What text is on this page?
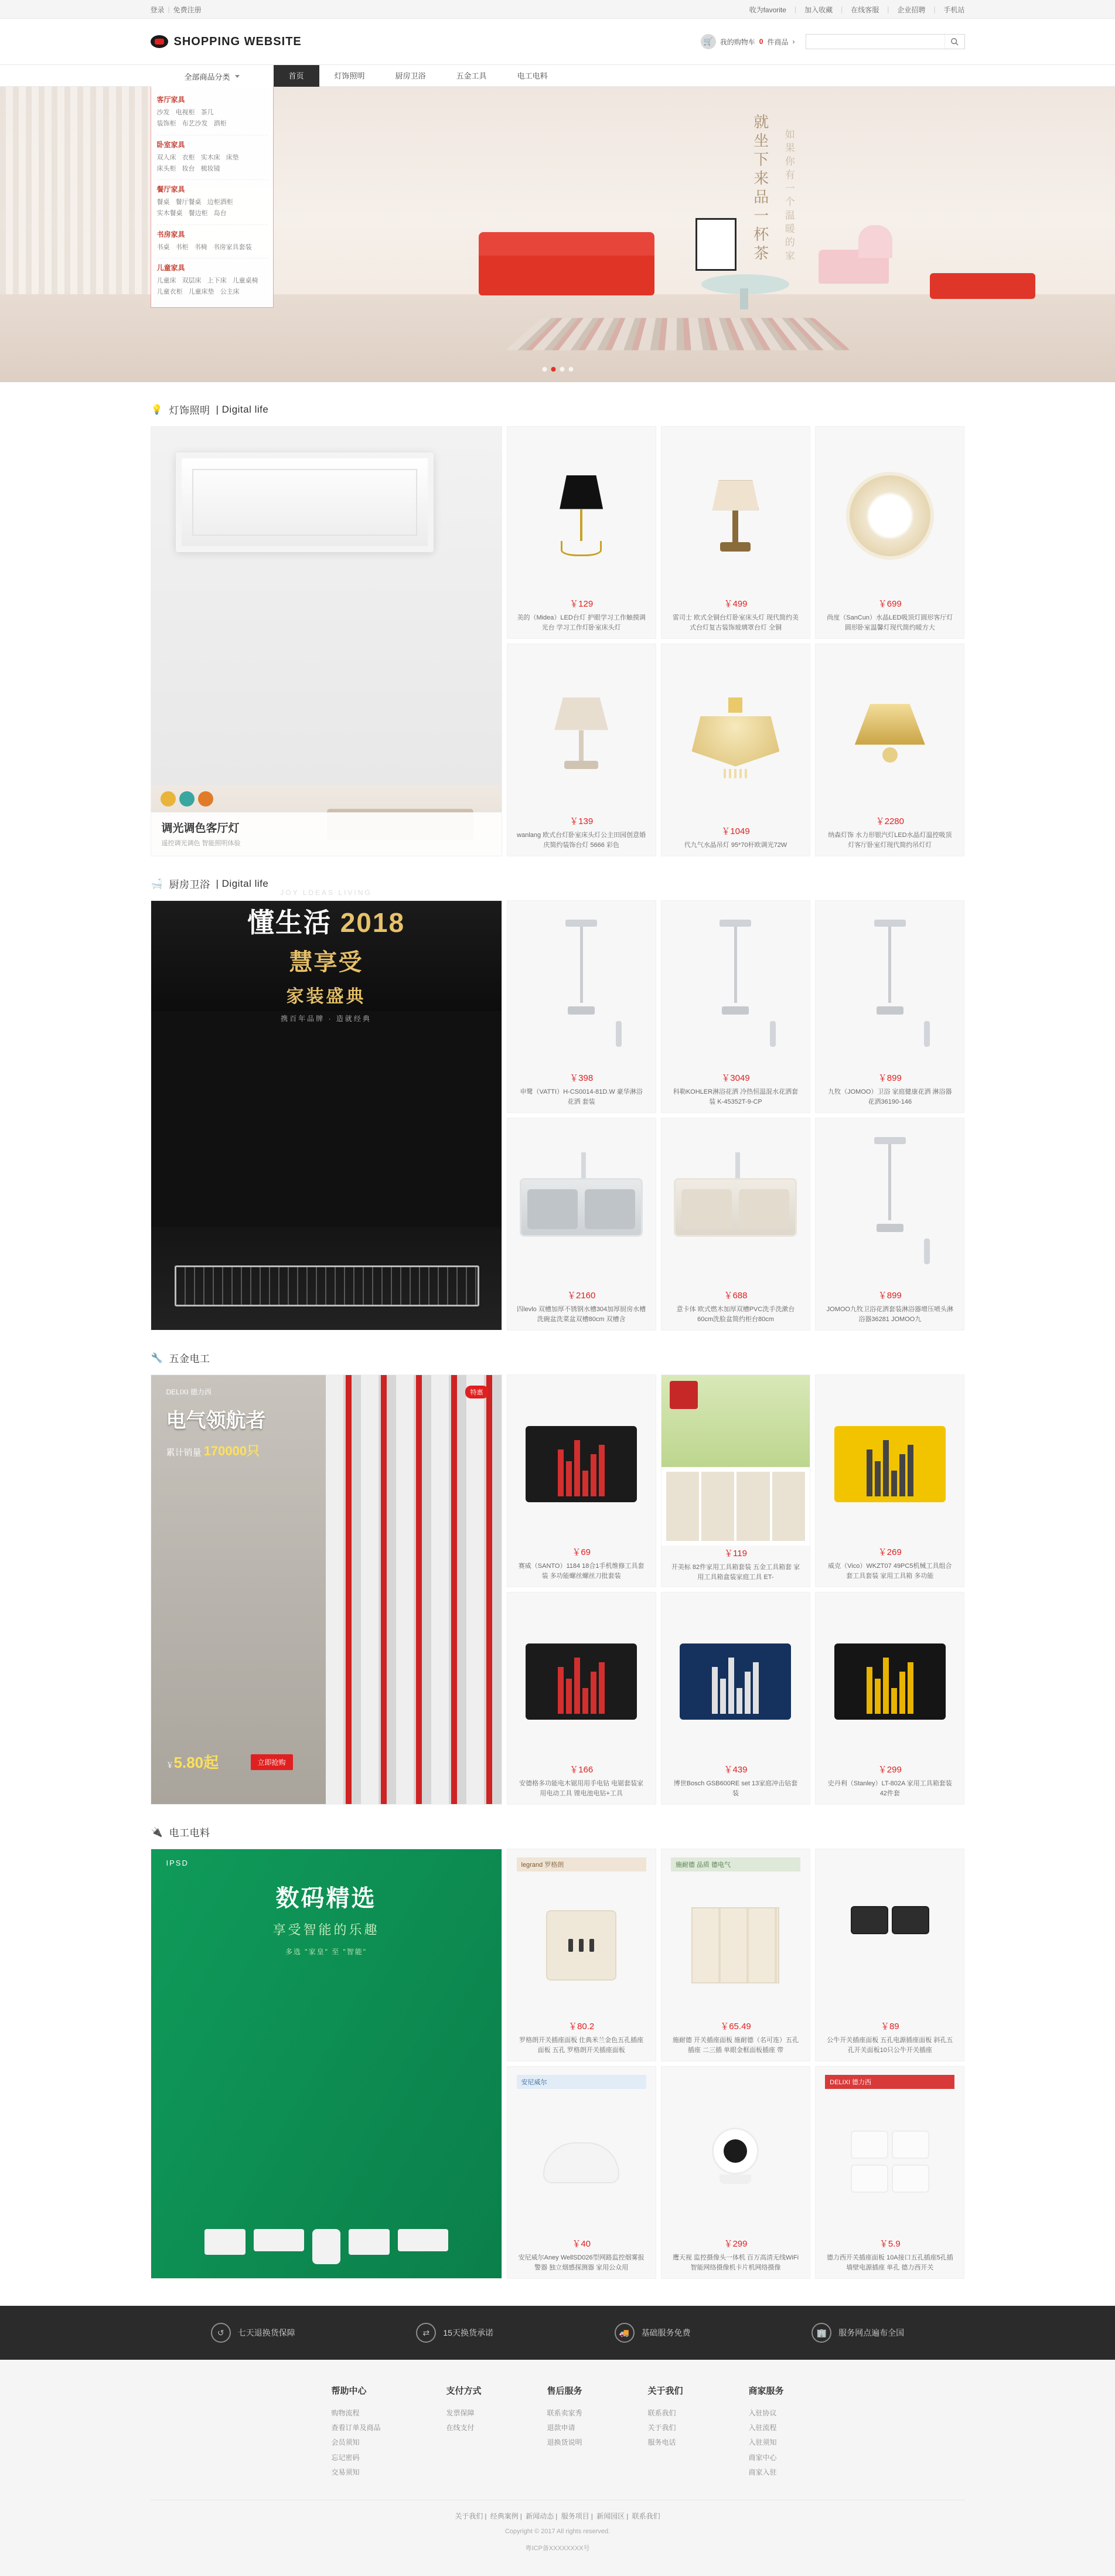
登录 | 免费注册	收为favorite | 加入收藏 | 在线客服 | 企业招聘 | 手机站
SHOPPING WEBSITE	🛒 我的购物车 0 件商品 ›
全部商品分类	首页	灯饰照明	厨房卫浴	五金工具	电工电料
就坐下来品一杯茶 如果你有一个温暖的家
客厅家具
沙发 电视柜 茶几
装饰柜 布艺沙发 酒柜
卧室家具
双人床 衣柜 实木床 床垫
床头柜 妆台 梳妆镜
餐厅家具
餐桌 餐厅餐桌 边柜酒柜
实木餐桌 餐边柜 岛台
书房家具
书桌 书柜 书椅 书房家具套装
儿童家具
儿童床 双层床 上下床 儿童桌椅
儿童衣柜 儿童床垫 公主床
💡 灯饰照明 | Digital life
调光调色客厅灯

遥控调光调色 智能照明体验

￥129
美的（Midea）LED台灯 护眼学习工作触摸调光台 学习工作灯卧室床头灯
￥499
雷司士 欧式全铜台灯卧室床头灯 现代简约美式台灯复古装饰玻璃罩台灯 全铜
￥699
尚度（SanCun）水晶LED吸顶灯圆形客厅灯圆形卧室温馨灯现代简约暖方大
￥139
wanlang 欧式台灯卧室床头灯公主田园创意婚庆简约装饰台灯 5666 彩色
￥1049
代九气水晶吊灯 95*70杆欧调光72W
￥2280
纳森灯饰 水力形银汽灯LED水晶灯温控吸顶灯客厅卧室灯现代简约吊灯灯
🛁 厨房卫浴 | Digital life
JOY LDEAS LIVING
懂生活 2018
慧享受
家装盛典
携百年品牌 · 造就经典
￥398
申鹭（VATTI）H-CS0014-81D.W 豪华淋浴 花洒 套装
￥3049
科勒KOHLER淋浴花洒 冷热恒温混水花洒套装 K-45352T-9-CP
￥899
九牧（JOMOO）卫浴 家庭健康花洒 淋浴器花洒36190-146
￥2160
四levlo 双槽加厚不锈钢水槽304加厚厨房水槽洗碗盆洗菜盆双槽80cm 双槽含
￥688
意卡体 欧式燃木加厚双槽PVC洗手洗漱台60cm洗脸盆简约柜台80cm
￥899
JOMOO九牧卫浴花洒套装淋浴器增压喷头淋浴器36281 JOMOO九
🔧 五金电工
特惠
DELIXI 德力西
电气领航者
累计销量 170000只
￥5.80起	立即抢购
￥69
赛威（SANTO）1184 18合1手机维修工具套装 多功能螺丝螺丝刀批套装
￥119
开美标 82件家用工具箱套装 五金工具箱套 家用工具箱盒装家庭工具 ET-
￥269
威克（Vico）WKZT07 49PC5机械工具组合 套工具套装 家用工具箱 多功能
￥166
安德格多功能电木锯用用手电钻 电锯套装家用电动工具 锂电池电钻+工具
￥439
博世Bosch GSB600RE set 13家庭冲击钻套装
￥299
史丹利（Stanley）LT-802A 家用工具箱套装42件套
🔌 电工电料
IPSD
数码精选
享受智能的乐趣
多选 "家皇" 至 "智能"
legrand 罗格朗
￥80.2
罗格朗开关插座面板 仕典米兰金色五孔插座面板 五孔 罗格朗开关插座面板
施耐德 品质 德电气
￥65.49
施耐德 开关插座面板 施耐德（名可连）五孔插座 二三插 单眼金框面板插座 带
￥89
公牛开关插座面板 五孔电源插座面板 斜孔五孔开关面板10只公牛开关插座
安尼威尔
￥40
安尼威尔Aney WellSD026型网路监控烟雾报警器 独立烟感探测器 家用公众用
￥299
鹰天视 监控摄像头一体机 百万高清无线WiFi智能网络摄像机卡片机网络摄像
DELIXI 德力西
￥5.9
德力西开关插座面板 10A接口五孔插座5孔插墙壁电源插座 单孔 德力西开关
↺	七天退换货保障	⇄	15天换货承诺	🚚	基础服务免费	🏢	服务网点遍布全国
帮助中心
购物流程
查看订单及商品
会员须知
忘记密码
交易须知
支付方式
发票保障
在线支付
售后服务
联系卖家秀
退款申请
退换货说明
关于我们
联系我们
关于我们
服务电话
商家服务
入驻协议
入驻流程
入驻须知
商家中心
商家入驻
关于我们 | 经典案例 | 新闻动态 | 服务项目 | 新闻园区 | 联系我们
Copyright © 2017 All rights reserved.
粤ICP备XXXXXXXX号
